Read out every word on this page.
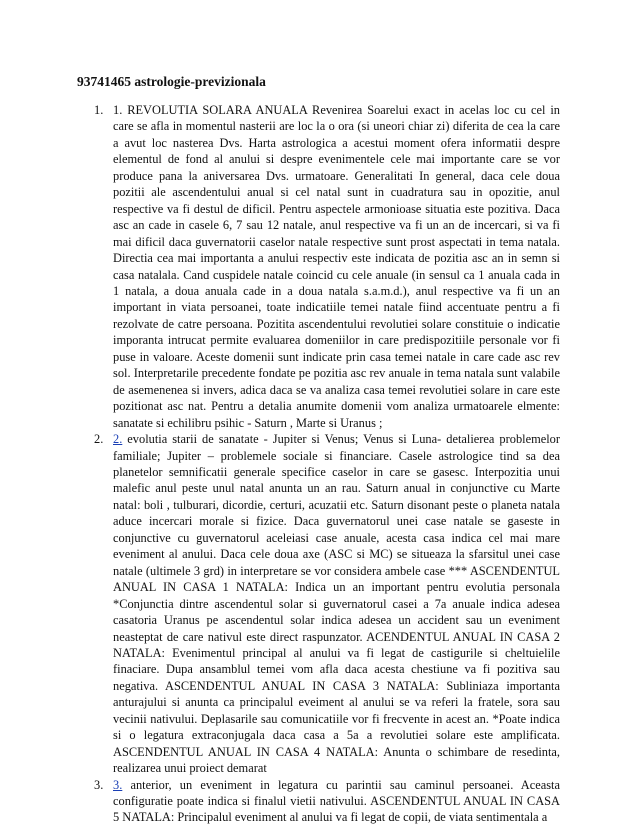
93741465 astrologie-previzionala
1. 1. REVOLUTIA SOLARA ANUALA Revenirea Soarelui exact in acelas loc cu cel in
care se afla in momentul nasterii are loc la o ora (si uneori chiar zi) diferita de cea la care
a avut loc nasterea Dvs. Harta astrologica a acestui moment ofera informatii despre
elementul de fond al anului si despre evenimentele cele mai importante care se vor
produce pana la aniversarea Dvs. urmatoare. Generalitati In general, daca cele doua
pozitii ale ascendentului anual si cel natal sunt in cuadratura sau in opozitie, anul
respective va fi destul de dificil. Pentru aspectele armonioase situatia este pozitiva. Daca
asc an cade in casele 6, 7 sau 12 natale, anul respective va fi un an de incercari, si va fi
mai dificil daca guvernatorii caselor natale respective sunt prost aspectati in tema natala.
Directia cea mai importanta a anului respectiv este indicata de pozitia asc an in semn si
casa natalala. Cand cuspidele natale coincid cu cele anuale (in sensul ca 1 anuala cada in
1 natala, a doua anuala cade in a doua natala s.a.m.d.), anul respective va fi un an
important in viata persoanei, toate indicatiile temei natale fiind accentuate pentru a fi
rezolvate de catre persoana. Pozitita ascendentului revolutiei solare constituie o indicatie
imporanta intrucat permite evaluarea domeniilor in care predispozitiile personale vor fi
puse in valoare. Aceste domenii sunt indicate prin casa temei natale in care cade asc rev
sol. Interpretarile precedente fondate pe pozitia asc rev anuale in tema natala sunt valabile
de asemenenea si invers, adica daca se va analiza casa temei revolutiei solare in care este
pozitionat asc nat. Pentru a detalia anumite domenii vom analiza urmatoarele elmente:
sanatate si echilibru psihic - Saturn , Marte si Uranus ;
2. 2. evolutia starii de sanatate - Jupiter si Venus; Venus si Luna- detalierea problemelor
familiale; Jupiter – problemele sociale si financiare. Casele astrologice tind sa dea
planetelor semnificatii generale specifice caselor in care se gasesc. Interpozitia unui
malefic anul peste unul natal anunta un an rau. Saturn anual in conjunctive cu Marte
natal: boli , tulburari, dicordie, certuri, acuzatii etc. Saturn disonant peste o planeta natala
aduce incercari morale si fizice. Daca guvernatorul unei case natale se gaseste in
conjunctive cu guvernatorul aceleiasi case anuale, acesta casa indica cel mai mare
eveniment al anului. Daca cele doua axe (ASC si MC) se situeaza la sfarsitul unei case
natale (ultimele 3 grd) in interpretare se vor considera ambele case *** ASCENDENTUL
ANUAL IN CASA 1 NATALA: Indica un an important pentru evolutia personala
*Conjunctia dintre ascendentul solar si guvernatorul casei a 7a anuale indica adesea
casatoria Uranus pe ascendentul solar indica adesea un accident sau un eveniment
neasteptat de care nativul este direct raspunzator. ACENDENTUL ANUAL IN CASA 2
NATALA: Evenimentul principal al anului va fi legat de castigurile si cheltuielile
finaciare. Dupa ansamblul temei vom afla daca acesta chestiune va fi pozitiva sau
negativa. ASCENDENTUL ANUAL IN CASA 3 NATALA: Subliniaza importanta
anturajului si anunta ca principalul eveiment al anului se va referi la fratele, sora sau
vecinii nativului. Deplasarile sau comunicatiile vor fi frecvente in acest an. *Poate indica
si o legatura extraconjugala daca casa a 5a a revolutiei solare este amplificata.
ASCENDENTUL ANUAL IN CASA 4 NATALA: Anunta o schimbare de resedinta,
realizarea unui proiect demarat
3. 3. anterior, un eveniment in legatura cu parintii sau caminul persoanei. Aceasta
configuratie poate indica si finalul vietii nativului. ASCENDENTUL ANUAL IN CASA
5 NATALA: Principalul eveniment al anului va fi legat de copii, de viata sentimentala a
